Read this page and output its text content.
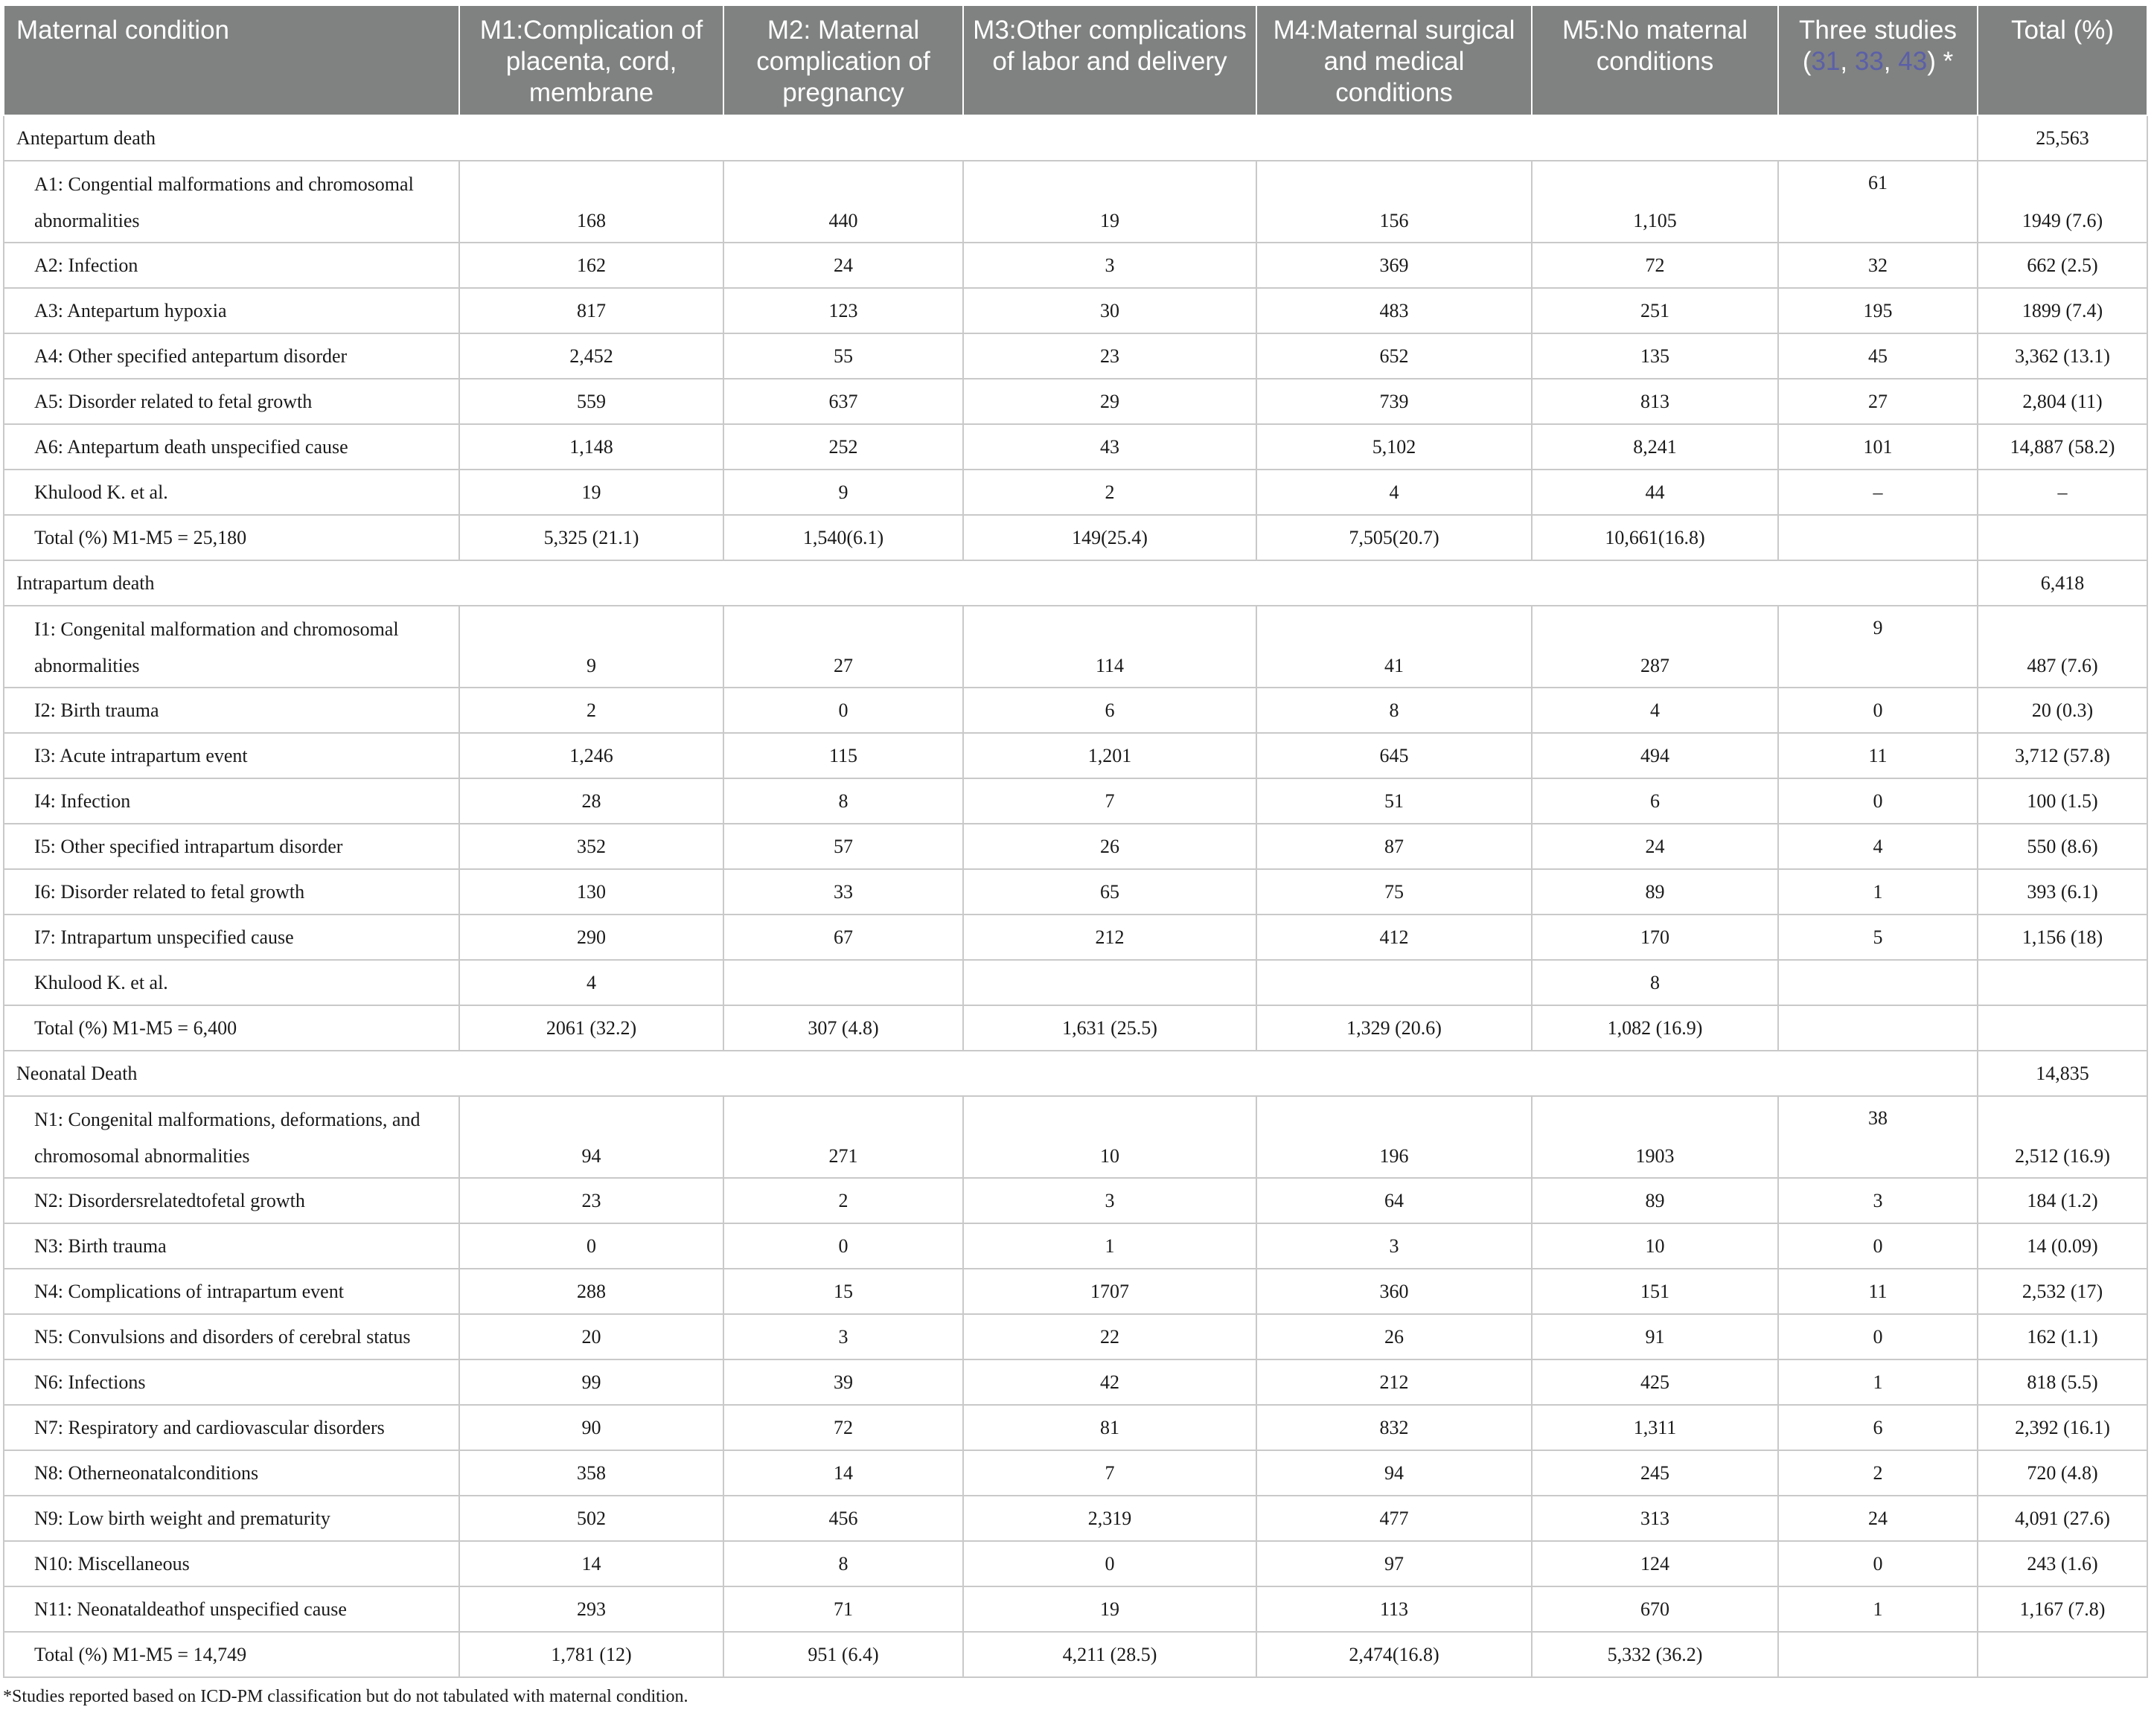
Maternal condition	M1:Complication of placenta, cord, membrane	M2: Maternal complication of pregnancy	M3:Other complications of labor and delivery	M4:Maternal surgical and medical conditions	M5:No maternal conditions	Three studies (31, 33, 43) *	Total (%)
Antepartum death							25,563
A1: Congential malformations and chromosomal abnormalities	168	440	19	156	1,105	61	1949 (7.6)
A2: Infection	162	24	3	369	72	32	662 (2.5)
A3: Antepartum hypoxia	817	123	30	483	251	195	1899 (7.4)
A4: Other specified antepartum disorder	2,452	55	23	652	135	45	3,362 (13.1)
A5: Disorder related to fetal growth	559	637	29	739	813	27	2,804 (11)
A6: Antepartum death unspecified cause	1,148	252	43	5,102	8,241	101	14,887 (58.2)
Khulood K. et al.	19	9	2	4	44	–	–
Total (%) M1-M5 = 25,180	5,325 (21.1)	1,540(6.1)	149(25.4)	7,505(20.7)	10,661(16.8)		
Intrapartum death							6,418
I1: Congenital malformation and chromosomal abnormalities	9	27	114	41	287	9	487 (7.6)
I2: Birth trauma	2	0	6	8	4	0	20 (0.3)
I3: Acute intrapartum event	1,246	115	1,201	645	494	11	3,712 (57.8)
I4: Infection	28	8	7	51	6	0	100 (1.5)
I5: Other specified intrapartum disorder	352	57	26	87	24	4	550 (8.6)
I6: Disorder related to fetal growth	130	33	65	75	89	1	393 (6.1)
I7: Intrapartum unspecified cause	290	67	212	412	170	5	1,156 (18)
Khulood K. et al.	4				8		
Total (%) M1-M5 = 6,400	2061 (32.2)	307 (4.8)	1,631 (25.5)	1,329 (20.6)	1,082 (16.9)		
Neonatal Death							14,835
N1: Congenital malformations, deformations, and chromosomal abnormalities	94	271	10	196	1903	38	2,512 (16.9)
N2: Disordersrelatedtofetal growth	23	2	3	64	89	3	184 (1.2)
N3: Birth trauma	0	0	1	3	10	0	14 (0.09)
N4: Complications of intrapartum event	288	15	1707	360	151	11	2,532 (17)
N5: Convulsions and disorders of cerebral status	20	3	22	26	91	0	162 (1.1)
N6: Infections	99	39	42	212	425	1	818 (5.5)
N7: Respiratory and cardiovascular disorders	90	72	81	832	1,311	6	2,392 (16.1)
N8: Otherneonatalconditions	358	14	7	94	245	2	720 (4.8)
N9: Low birth weight and prematurity	502	456	2,319	477	313	24	4,091 (27.6)
N10: Miscellaneous	14	8	0	97	124	0	243 (1.6)
N11: Neonataldeathof unspecified cause	293	71	19	113	670	1	1,167 (7.8)
Total (%) M1-M5 = 14,749	1,781 (12)	951 (6.4)	4,211 (28.5)	2,474(16.8)	5,332 (36.2)		
*Studies reported based on ICD-PM classification but do not tabulated with maternal condition.
